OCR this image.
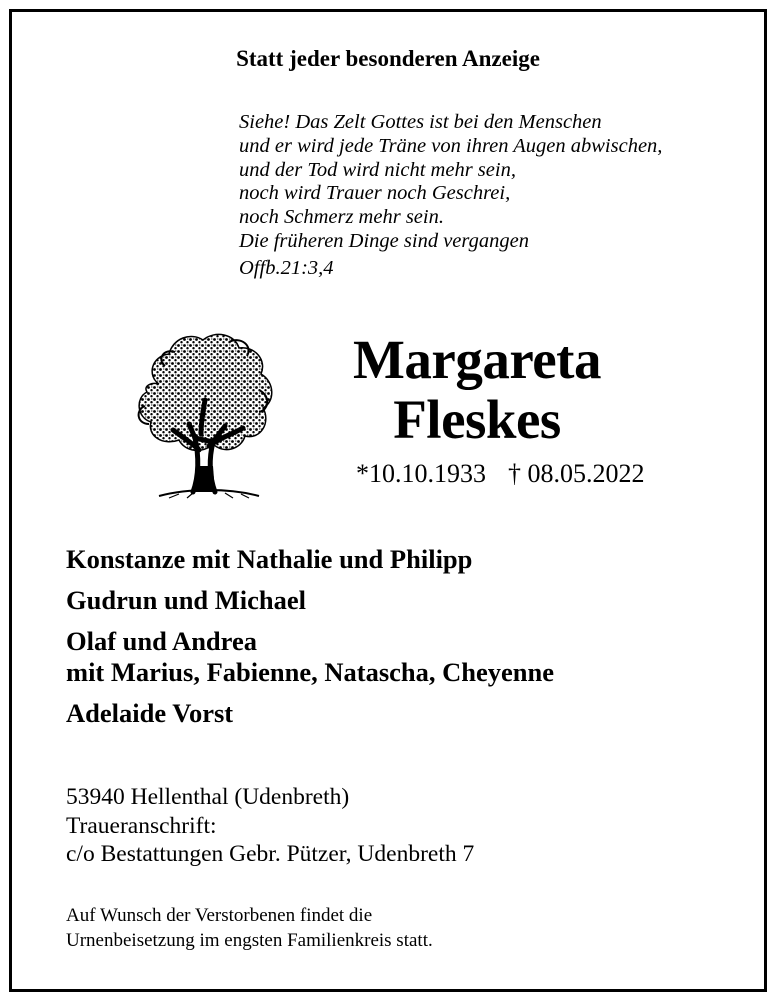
Statt jeder besonderen Anzeige
Siehe! Das Zelt Gottes ist bei den Menschen
und er wird jede Träne von ihren Augen abwischen,
und der Tod wird nicht mehr sein,
noch wird Trauer noch Geschrei,
noch Schmerz mehr sein.
Die früheren Dinge sind vergangen
Offb.21:3,4
Margareta
Fleskes
*10.10.1933 † 08.05.2022
Konstanze mit Nathalie und Philipp
Gudrun und Michael
Olaf und Andrea
mit Marius, Fabienne, Natascha, Cheyenne
Adelaide Vorst
53940 Hellenthal (Udenbreth)
Traueranschrift:
c/o Bestattungen Gebr. Pützer, Udenbreth 7
Auf Wunsch der Verstorbenen findet die
Urnenbeisetzung im engsten Familienkreis statt.
